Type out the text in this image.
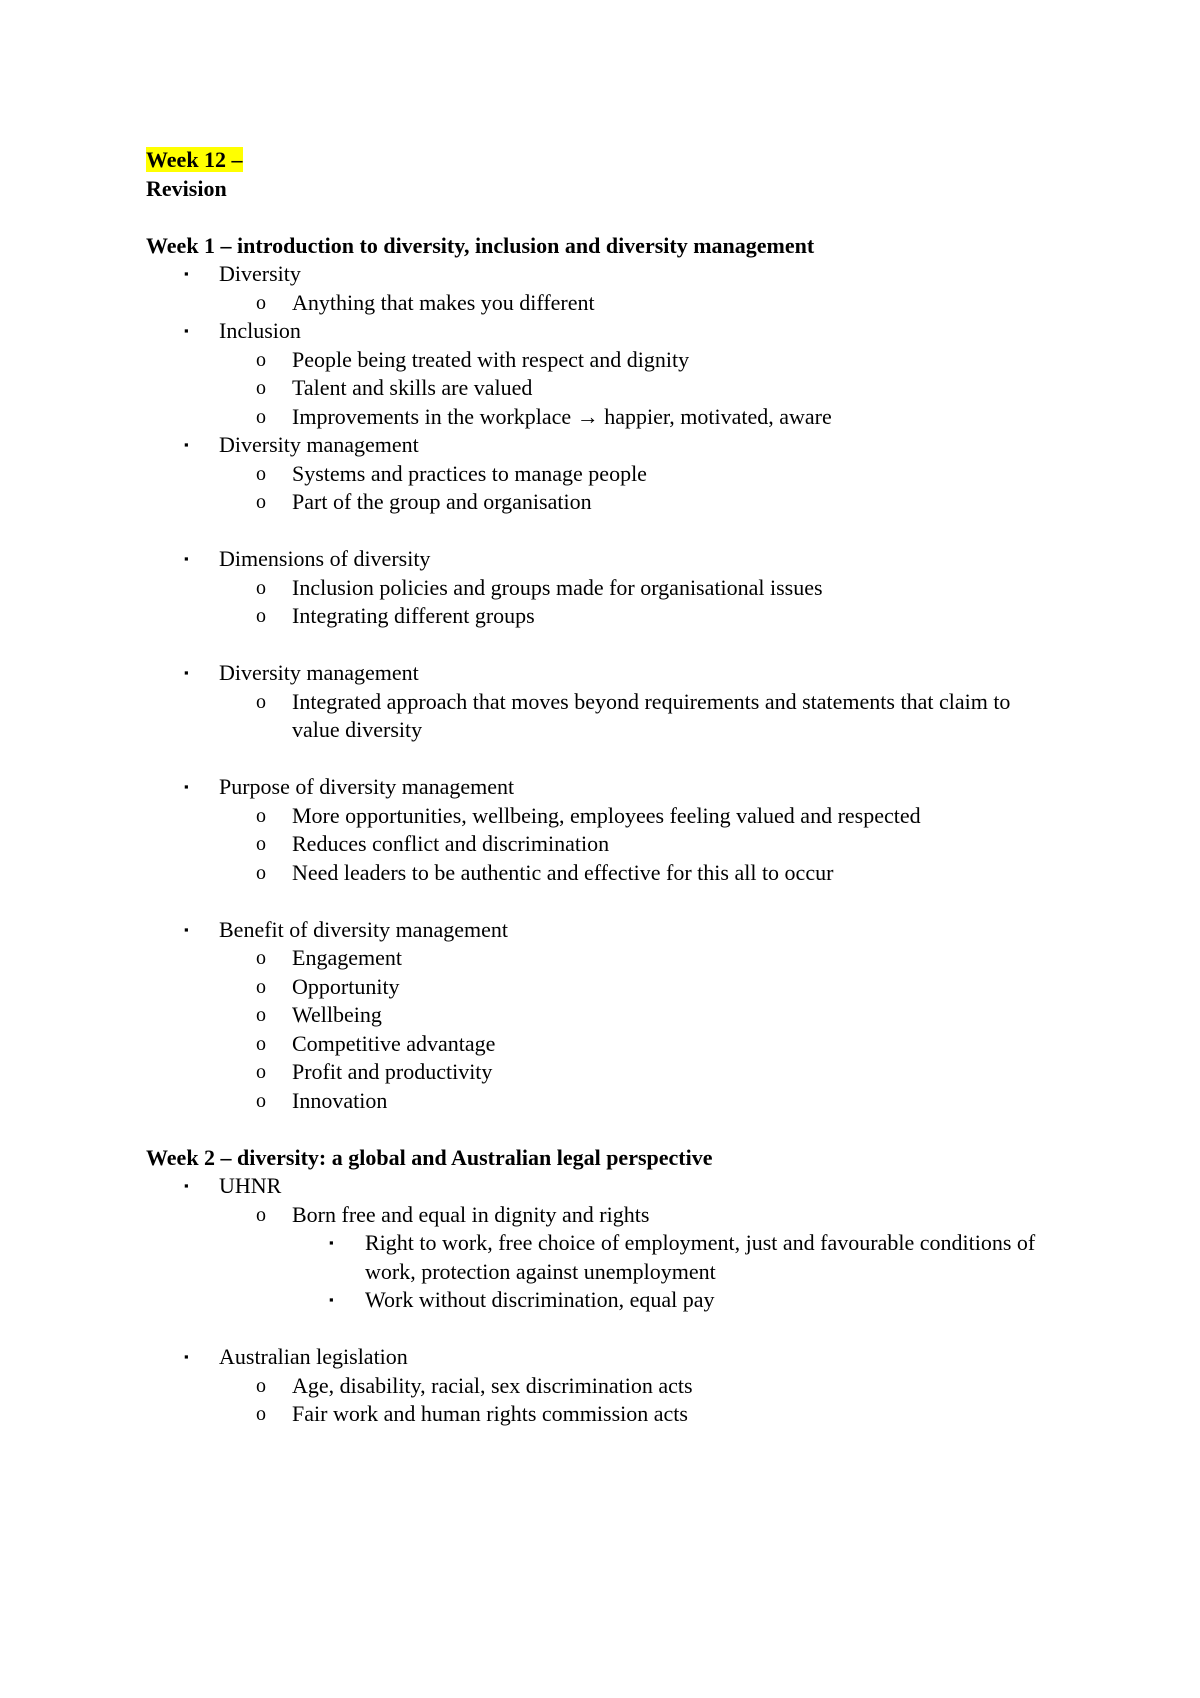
Week 12 –
Revision
Week 1 – introduction to diversity, inclusion and diversity management
▪	Diversity
o	Anything that makes you different
▪	Inclusion
o	People being treated with respect and dignity
o	Talent and skills are valued
o	Improvements in the workplace → happier, motivated, aware
▪	Diversity management
o	Systems and practices to manage people
o	Part of the group and organisation
▪	Dimensions of diversity
o	Inclusion policies and groups made for organisational issues
o	Integrating different groups
▪	Diversity management
o	Integrated approach that moves beyond requirements and statements that claim to value diversity
▪	Purpose of diversity management
o	More opportunities, wellbeing, employees feeling valued and respected
o	Reduces conflict and discrimination
o	Need leaders to be authentic and effective for this all to occur
▪	Benefit of diversity management
o	Engagement
o	Opportunity
o	Wellbeing
o	Competitive advantage
o	Profit and productivity
o	Innovation
Week 2 – diversity: a global and Australian legal perspective
▪	UHNR
o	Born free and equal in dignity and rights
▪	Right to work, free choice of employment, just and favourable conditions of work, protection against unemployment
▪	Work without discrimination, equal pay
▪	Australian legislation
o	Age, disability, racial, sex discrimination acts
o	Fair work and human rights commission acts
